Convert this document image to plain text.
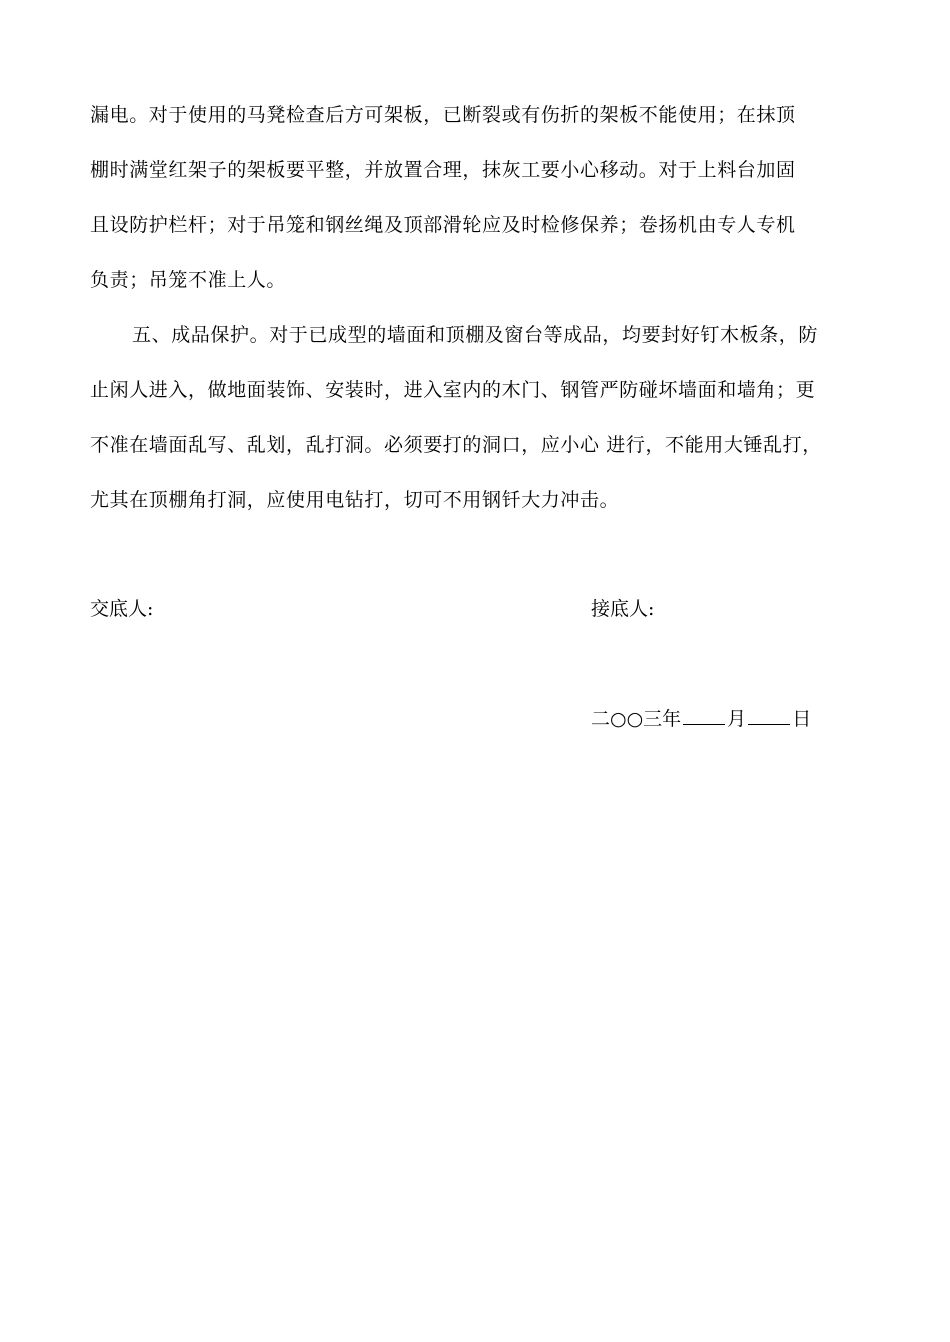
漏电。对于使用的马凳检查后方可架板，已断裂或有伤折的架板不能使用；在抹顶
棚时满堂红架子的架板要平整，并放置合理，抹灰工要小心移动。对于上料台加固
且设防护栏杆；对于吊笼和钢丝绳及顶部滑轮应及时检修保养；卷扬机由专人专机
负责；吊笼不准上人。
五、成品保护。对于已成型的墙面和顶棚及窗台等成品，均要封好钉木板条，防
止闲人进入，做地面装饰、安装时，进入室内的木门、钢管严防碰坏墙面和墙角；更
不准在墙面乱写、乱划，乱打洞。必须要打的洞口，应小心 进行，不能用大锤乱打，
尤其在顶棚角打洞，应使用电钻打，切可不用钢钎大力冲击。
交底人:	接底人:
二○○三年 月 日
